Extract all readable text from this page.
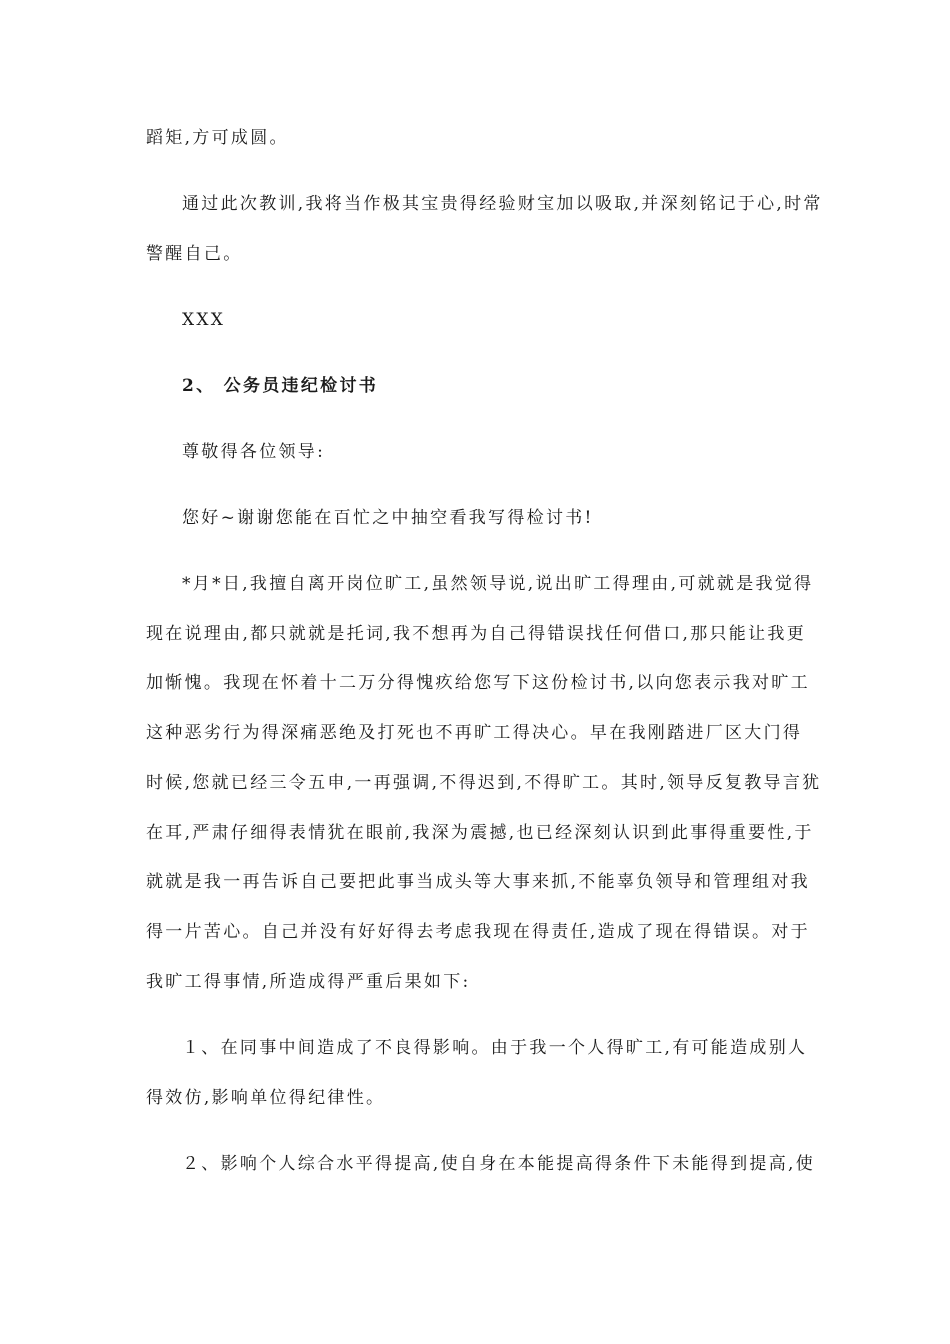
蹈矩,方可成圆。
通过此次教训,我将当作极其宝贵得经验财宝加以吸取,并深刻铭记于心,时常
警醒自己。
XXX
2、 公务员违纪检讨书
尊敬得各位领导:
您好~谢谢您能在百忙之中抽空看我写得检讨书!
*月*日,我擅自离开岗位旷工,虽然领导说,说出旷工得理由,可就就是我觉得
现在说理由,都只就就是托词,我不想再为自己得错误找任何借口,那只能让我更
加惭愧。我现在怀着十二万分得愧疚给您写下这份检讨书,以向您表示我对旷工
这种恶劣行为得深痛恶绝及打死也不再旷工得决心。早在我刚踏进厂区大门得
时候,您就已经三令五申,一再强调,不得迟到,不得旷工。其时,领导反复教导言犹
在耳,严肃仔细得表情犹在眼前,我深为震撼,也已经深刻认识到此事得重要性,于
就就是我一再告诉自己要把此事当成头等大事来抓,不能辜负领导和管理组对我
得一片苦心。自己并没有好好得去考虑我现在得责任,造成了现在得错误。对于
我旷工得事情,所造成得严重后果如下:
１、在同事中间造成了不良得影响。由于我一个人得旷工,有可能造成别人
得效仿,影响单位得纪律性。
２、影响个人综合水平得提高,使自身在本能提高得条件下未能得到提高,使
